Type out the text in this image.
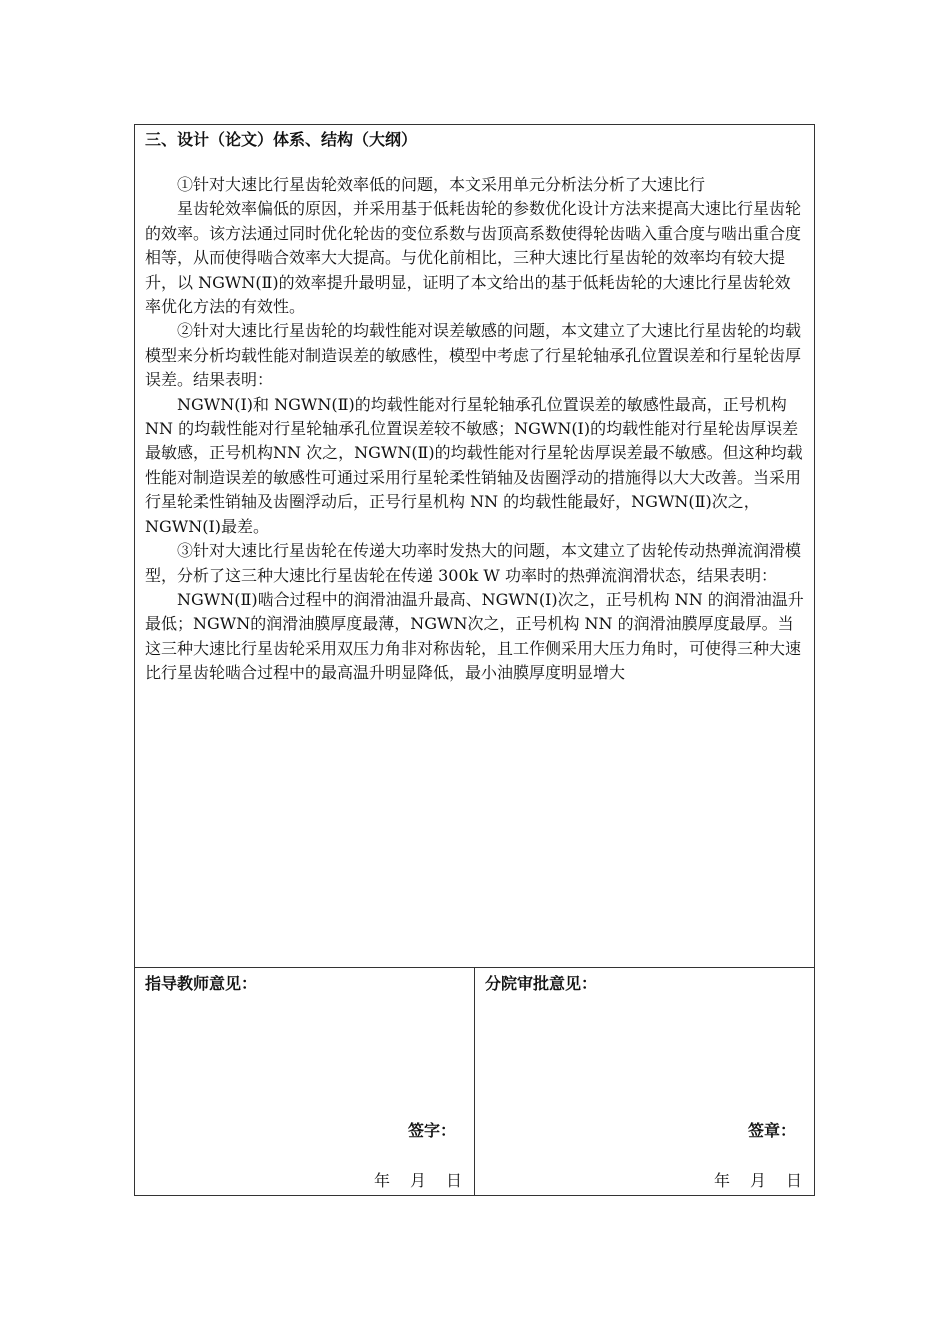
三、设计（论文）体系、结构（大纲）

①针对大速比行星齿轮效率低的问题，本文采用单元分析法分析了大速比行

星齿轮效率偏低的原因，并采用基于低耗齿轮的参数优化设计方法来提高大速比行星齿轮的效率。该方法通过同时优化轮齿的变位系数与齿顶高系数使得轮齿啮入重合度与啮出重合度相等，从而使得啮合效率大大提高。与优化前相比，三种大速比行星齿轮的效率均有较大提升，以 NGWN(Ⅱ)的效率提升最明显，证明了本文给出的基于低耗齿轮的大速比行星齿轮效率优化方法的有效性。

②针对大速比行星齿轮的均载性能对误差敏感的问题，本文建立了大速比行星齿轮的均载模型来分析均载性能对制造误差的敏感性，模型中考虑了行星轮轴承孔位置误差和行星轮齿厚误差。结果表明：

NGWN(Ⅰ)和 NGWN(Ⅱ)的均载性能对行星轮轴承孔位置误差的敏感性最高，正号机构 NN 的均载性能对行星轮轴承孔位置误差较不敏感；NGWN(Ⅰ)的均载性能对行星轮齿厚误差最敏感，正号机构NN 次之，NGWN(Ⅱ)的均载性能对行星轮齿厚误差最不敏感。但这种均载性能对制造误差的敏感性可通过采用行星轮柔性销轴及齿圈浮动的措施得以大大改善。当采用行星轮柔性销轴及齿圈浮动后，正号行星机构 NN 的均载性能最好，NGWN(Ⅱ)次之，NGWN(Ⅰ)最差。

③针对大速比行星齿轮在传递大功率时发热大的问题，本文建立了齿轮传动热弹流润滑模型，分析了这三种大速比行星齿轮在传递 300k W 功率时的热弹流润滑状态，结果表明：

NGWN(Ⅱ)啮合过程中的润滑油温升最高、NGWN(Ⅰ)次之，正号机构 NN 的润滑油温升最低；NGWN的润滑油膜厚度最薄，NGWN次之，正号机构 NN 的润滑油膜厚度最厚。当这三种大速比行星齿轮采用双压力角非对称齿轮，且工作侧采用大压力角时，可使得三种大速比行星齿轮啮合过程中的最高温升明显降低，最小油膜厚度明显增大

指导教师意见：
签字：
年 月 日
分院审批意见：
签章：
年 月 日
